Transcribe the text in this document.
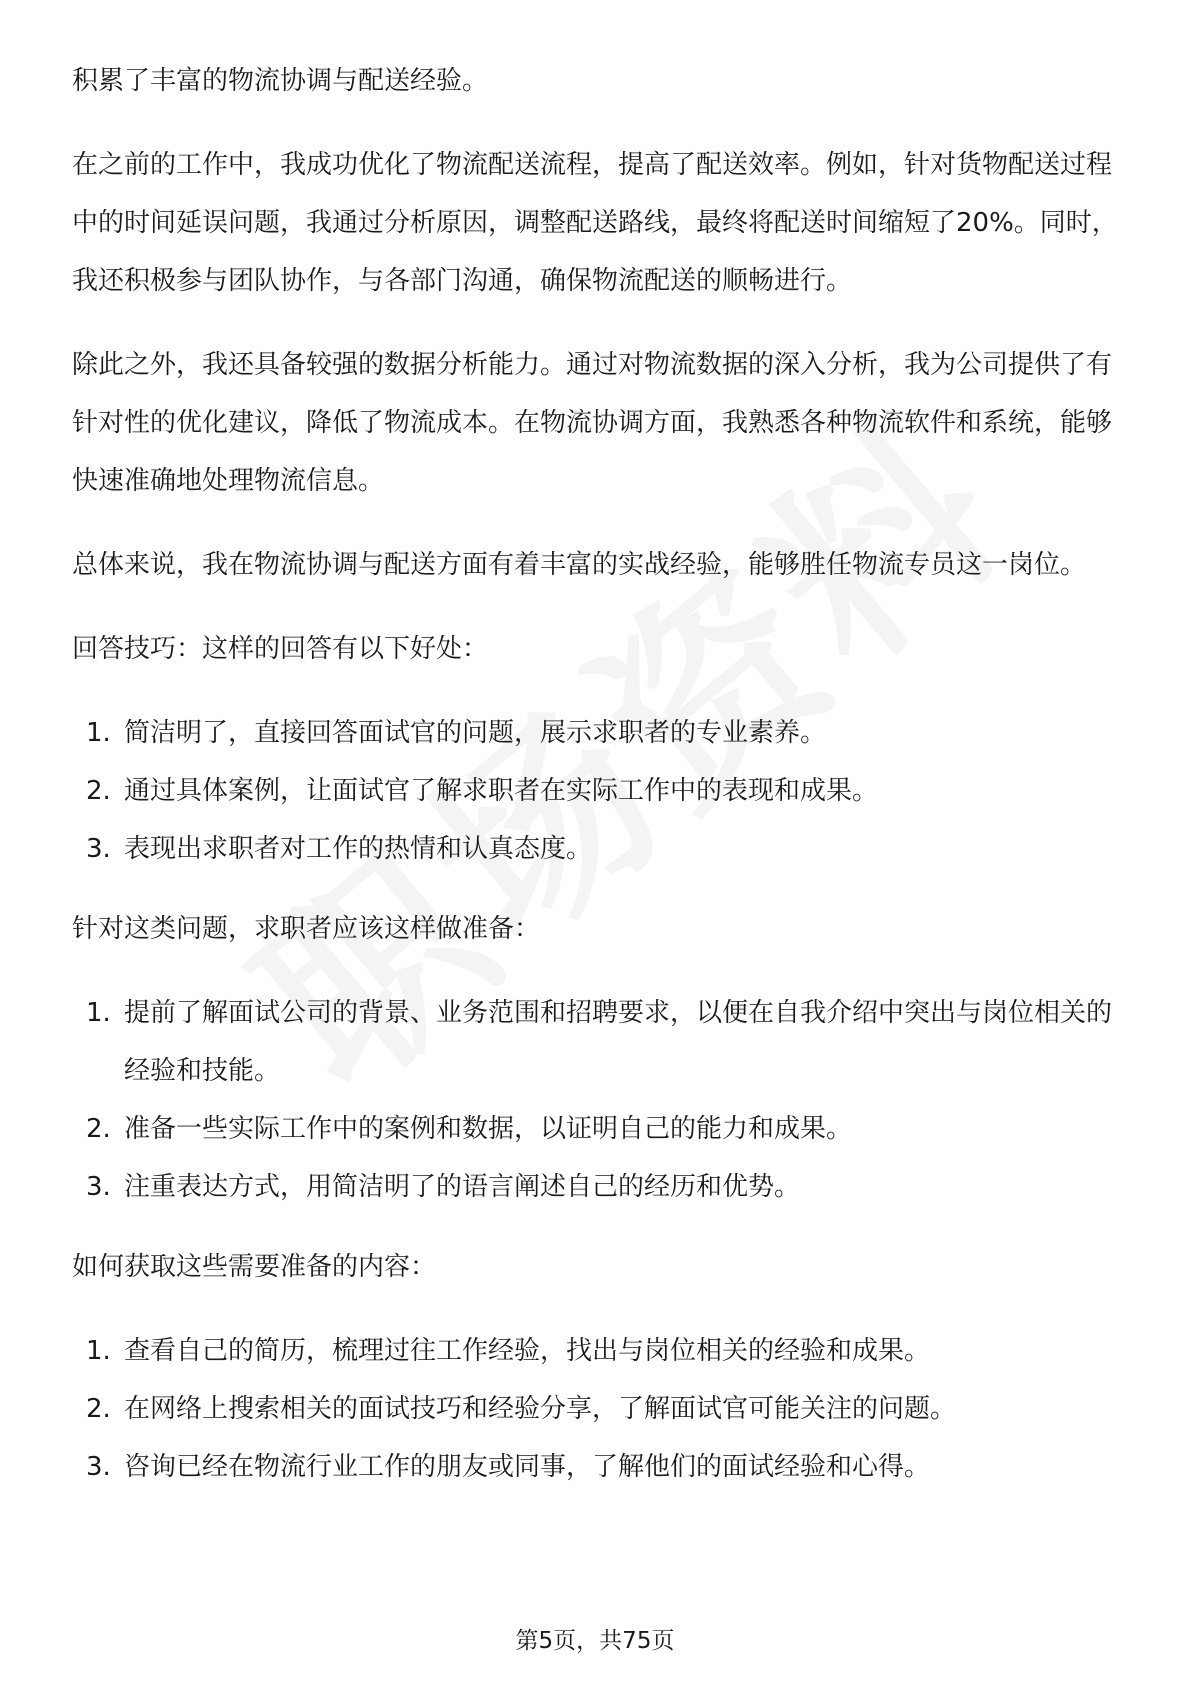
积累了丰富的物流协调与配送经验。

在之前的工作中，我成功优化了物流配送流程，提高了配送效率。例如，针对货物配送过程中的时间延误问题，我通过分析原因，调整配送路线，最终将配送时间缩短了20%。同时，我还积极参与团队协作，与各部门沟通，确保物流配送的顺畅进行。

除此之外，我还具备较强的数据分析能力。通过对物流数据的深入分析，我为公司提供了有针对性的优化建议，降低了物流成本。在物流协调方面，我熟悉各种物流软件和系统，能够快速准确地处理物流信息。

总体来说，我在物流协调与配送方面有着丰富的实战经验，能够胜任物流专员这一岗位。

回答技巧：这样的回答有以下好处：

1. 简洁明了，直接回答面试官的问题，展示求职者的专业素养。
2. 通过具体案例，让面试官了解求职者在实际工作中的表现和成果。
3. 表现出求职者对工作的热情和认真态度。

针对这类问题，求职者应该这样做准备：

1. 提前了解面试公司的背景、业务范围和招聘要求，以便在自我介绍中突出与岗位相关的经验和技能。
2. 准备一些实际工作中的案例和数据，以证明自己的能力和成果。
3. 注重表达方式，用简洁明了的语言阐述自己的经历和优势。

如何获取这些需要准备的内容：

1. 查看自己的简历，梳理过往工作经验，找出与岗位相关的经验和成果。
2. 在网络上搜索相关的面试技巧和经验分享，了解面试官可能关注的问题。
3. 咨询已经在物流行业工作的朋友或同事，了解他们的面试经验和心得。
第5页，共75页
